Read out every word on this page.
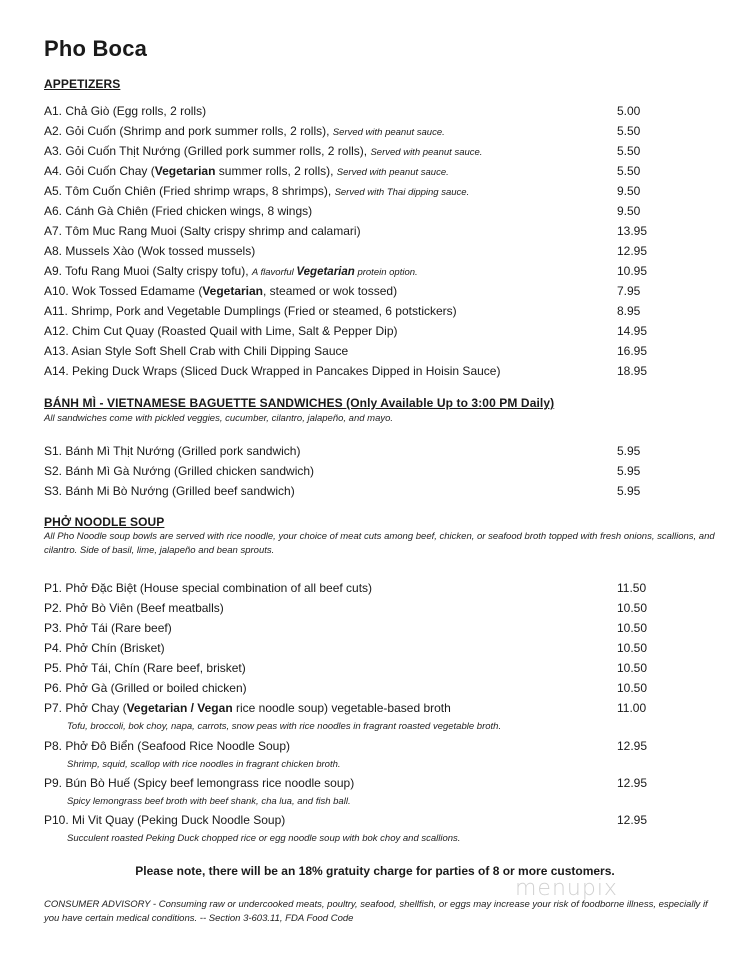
Pho Boca
APPETIZERS
A1. Chả Giò (Egg rolls, 2 rolls)	5.00
A2. Gỏi Cuốn (Shrimp and pork summer rolls, 2 rolls), Served with peanut sauce.	5.50
A3. Gỏi Cuốn Thịt Nướng (Grilled pork summer rolls, 2 rolls), Served with peanut sauce.	5.50
A4. Gỏi Cuốn Chay (Vegetarian summer rolls, 2 rolls), Served with peanut sauce.	5.50
A5. Tôm Cuốn Chiên (Fried shrimp wraps, 8 shrimps), Served with Thai dipping sauce.	9.50
A6. Cánh Gà Chiên (Fried chicken wings, 8 wings)	9.50
A7. Tôm Muc Rang Muoi (Salty crispy shrimp and calamari)	13.95
A8. Mussels Xào (Wok tossed mussels)	12.95
A9. Tofu Rang Muoi (Salty crispy tofu), A flavorful Vegetarian protein option.	10.95
A10. Wok Tossed Edamame (Vegetarian, steamed or wok tossed)	7.95
A11. Shrimp, Pork and Vegetable Dumplings (Fried or steamed, 6 potstickers)	8.95
A12. Chim Cut Quay (Roasted Quail with Lime, Salt & Pepper Dip)	14.95
A13. Asian Style Soft Shell Crab with Chili Dipping Sauce	16.95
A14. Peking Duck Wraps (Sliced Duck Wrapped in Pancakes Dipped in Hoisin Sauce)	18.95
BÁNH MÌ - VIETNAMESE BAGUETTE SANDWICHES (Only Available Up to 3:00 PM Daily)
All sandwiches come with pickled veggies, cucumber, cilantro, jalapeño, and mayo.
S1. Bánh Mì Thịt Nướng (Grilled pork sandwich)	5.95
S2. Bánh Mì Gà Nướng (Grilled chicken sandwich)	5.95
S3. Bánh Mi Bò Nướng (Grilled beef sandwich)	5.95
PHỞ NOODLE SOUP
All Pho Noodle soup bowls are served with rice noodle, your choice of meat cuts among beef, chicken, or seafood broth topped with fresh onions, scallions, and cilantro. Side of basil, lime, jalapeño and bean sprouts.
P1. Phở Đặc Biệt (House special combination of all beef cuts)	11.50
P2. Phở Bò Viên (Beef meatballs)	10.50
P3. Phở Tái (Rare beef)	10.50
P4. Phở Chín (Brisket)	10.50
P5. Phở Tái, Chín (Rare beef, brisket)	10.50
P6. Phở Gà (Grilled or boiled chicken)	10.50
P7. Phở Chay (Vegetarian / Vegan rice noodle soup) vegetable-based broth	11.00
Tofu, broccoli, bok choy, napa, carrots, snow peas with rice noodles in fragrant roasted vegetable broth.
P8. Phở Đô Biển (Seafood Rice Noodle Soup)	12.95
Shrimp, squid, scallop with rice noodles in fragrant chicken broth.
P9. Bún Bò Huế (Spicy beef lemongrass rice noodle soup)	12.95
Spicy lemongrass beef broth with beef shank, cha lua, and fish ball.
P10. Mi Vit Quay (Peking Duck Noodle Soup)	12.95
Succulent roasted Peking Duck chopped rice or egg noodle soup with bok choy and scallions.
Please note, there will be an 18% gratuity charge for parties of 8 or more customers.
menupix
CONSUMER ADVISORY - Consuming raw or undercooked meats, poultry, seafood, shellfish, or eggs may increase your risk of foodborne illness, especially if you have certain medical conditions. -- Section 3-603.11, FDA Food Code
